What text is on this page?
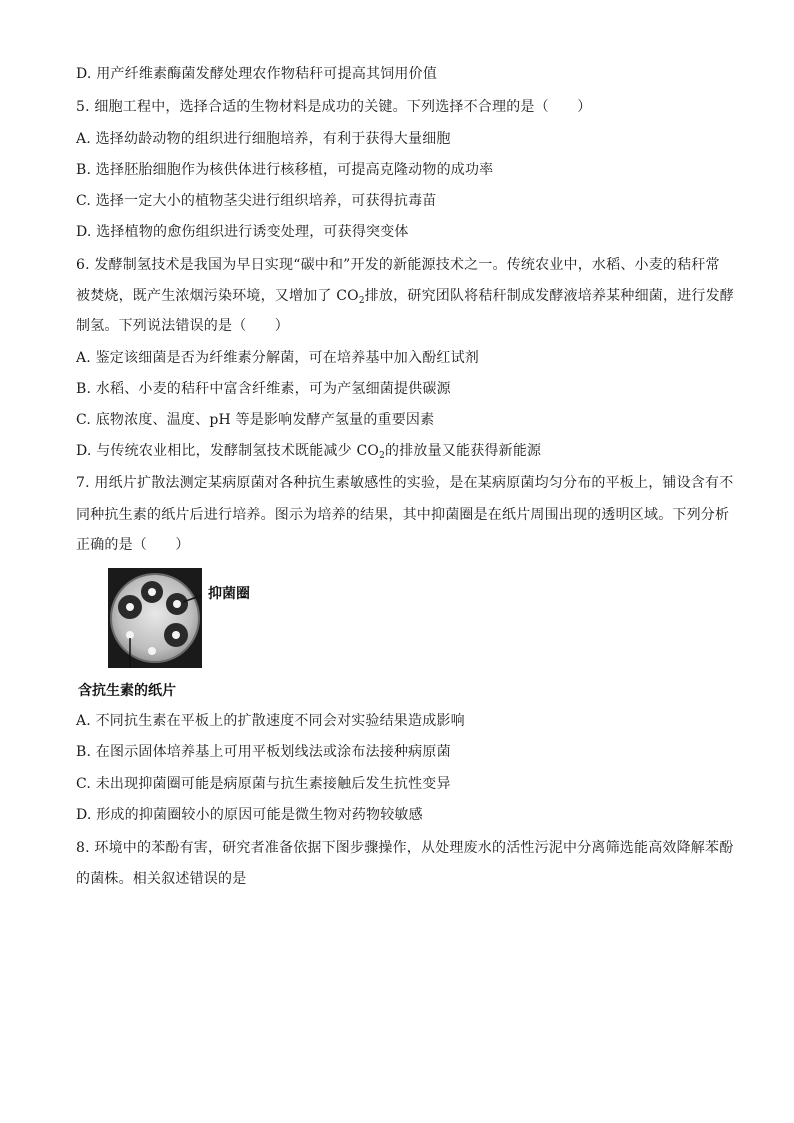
D. 用产纤维素酶菌发酵处理农作物秸秆可提高其饲用价值
5. 细胞工程中，选择合适的生物材料是成功的关键。下列选择不合理的是（　　）
A. 选择幼龄动物的组织进行细胞培养，有利于获得大量细胞
B. 选择胚胎细胞作为核供体进行核移植，可提高克隆动物的成功率
C. 选择一定大小的植物茎尖进行组织培养，可获得抗毒苗
D. 选择植物的愈伤组织进行诱变处理，可获得突变体
6. 发酵制氢技术是我国为早日实现“碳中和”开发的新能源技术之一。传统农业中，水稻、小麦的秸秆常
被焚烧，既产生浓烟污染环境，又增加了 $CO_2$排放，研究团队将秸秆制成发酵液培养某种细菌，进行发酵
制氢。下列说法错误的是（　　）
A. 鉴定该细菌是否为纤维素分解菌，可在培养基中加入酚红试剂
B. 水稻、小麦的秸秆中富含纤维素，可为产氢细菌提供碳源
C. 底物浓度、温度、pH 等是影响发酵产氢量的重要因素
D. 与传统农业相比，发酵制氢技术既能减少 $CO_2$的排放量又能获得新能源
7. 用纸片扩散法测定某病原菌对各种抗生素敏感性的实验，是在某病原菌均匀分布的平板上，铺设含有不
同种抗生素的纸片后进行培养。图示为培养的结果，其中抑菌圈是在纸片周围出现的透明区域。下列分析
正确的是（　　）
抑菌圈
含抗生素的纸片
A. 不同抗生素在平板上的扩散速度不同会对实验结果造成影响
B. 在图示固体培养基上可用平板划线法或涂布法接种病原菌
C. 未出现抑菌圈可能是病原菌与抗生素接触后发生抗性变异
D. 形成的抑菌圈较小的原因可能是微生物对药物较敏感
8. 环境中的苯酚有害，研究者准备依据下图步骤操作，从处理废水的活性污泥中分离筛选能高效降解苯酚
的菌株。相关叙述错误的是
